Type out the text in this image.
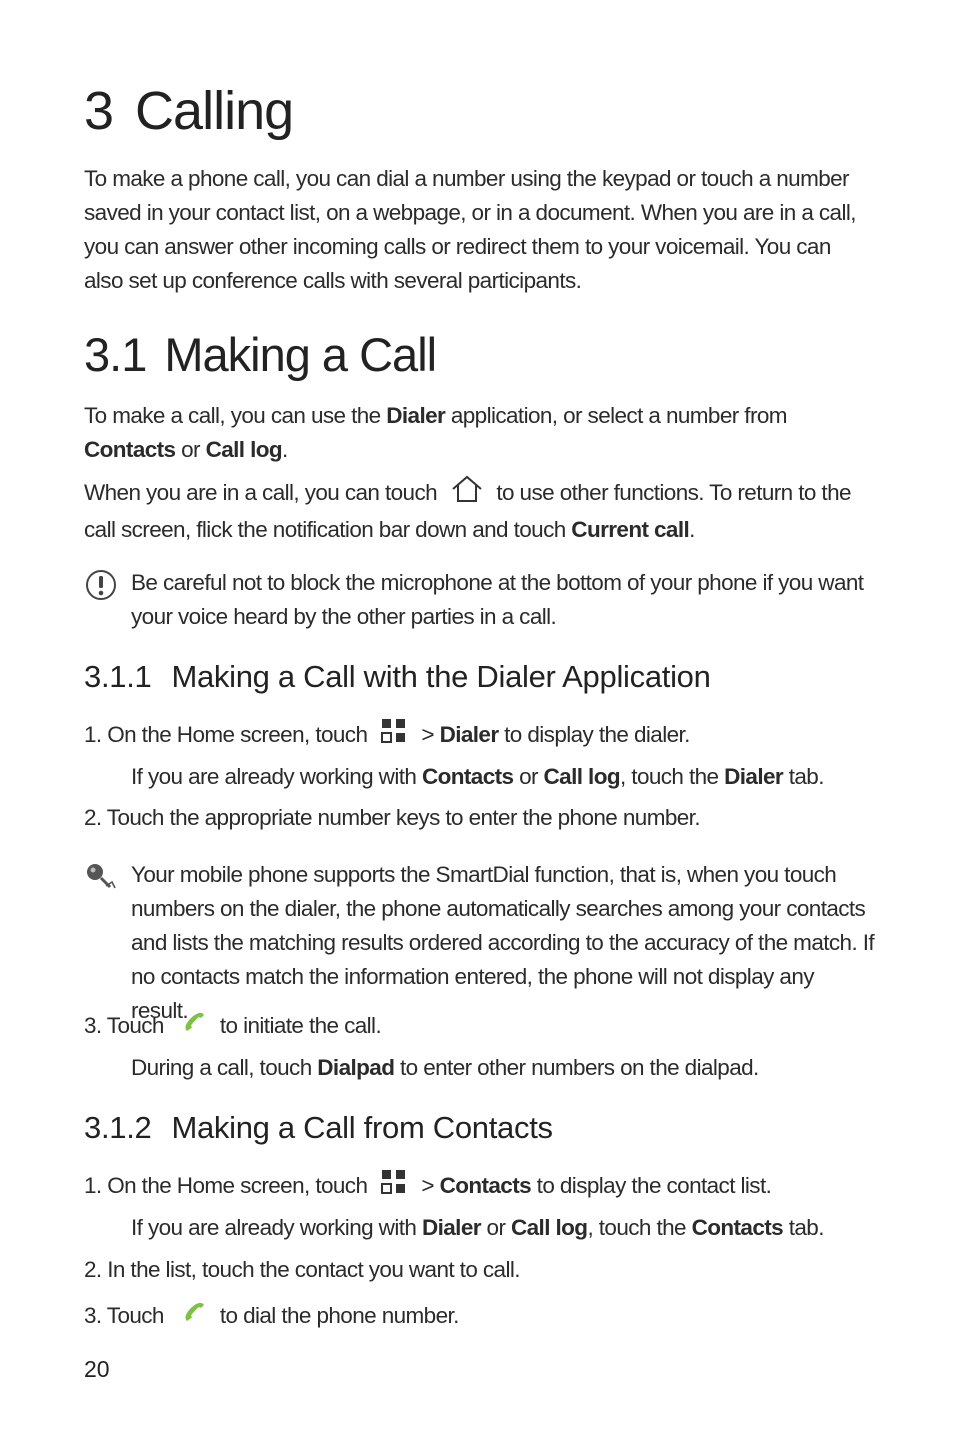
3 Calling

To make a phone call, you can dial a number using the keypad or touch a number saved in your contact list, on a webpage, or in a document. When you are in a call, you can answer other incoming calls or redirect them to your voicemail. You can also set up conference calls with several participants.

3.1 Making a Call

To make a call, you can use the Dialer application, or select a number from Contacts or Call log.

When you are in a call, you can touch	to use other functions. To return to the call screen, flick the notification bar down and touch Current call.

Be careful not to block the microphone at the bottom of your phone if you want your voice heard by the other parties in a call.

3.1.1 Making a Call with the Dialer Application
1. On the Home screen, touch > Dialer to display the dialer.
If you are already working with Contacts or Call log, touch the Dialer tab.
2. Touch the appropriate number keys to enter the phone number.

Your mobile phone supports the SmartDial function, that is, when you touch numbers on the dialer, the phone automatically searches among your contacts and lists the matching results ordered according to the accuracy of the match. If no contacts match the information entered, the phone will not display any result.

3. Touch to initiate the call.
During a call, touch Dialpad to enter other numbers on the dialpad.
3.1.2 Making a Call from Contacts
1. On the Home screen, touch > Contacts to display the contact list.
If you are already working with Dialer or Call log, touch the Contacts tab.
2. In the list, touch the contact you want to call.
3. Touch to dial the phone number.
20
